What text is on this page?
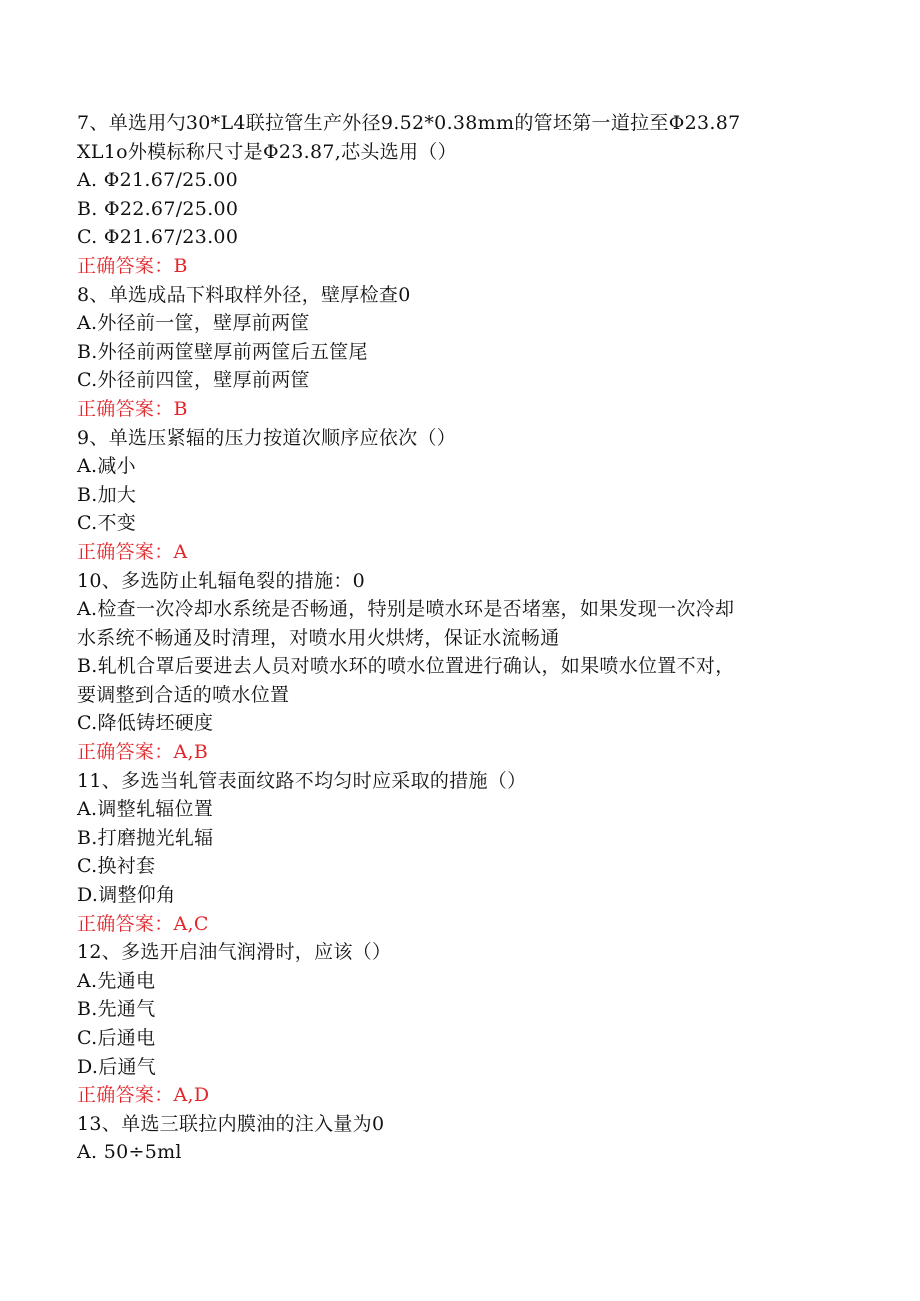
7、单选用勺30*L4联拉管生产外径9.52*0.38mm的管坯第一道拉至Φ23.87
XL1o外模标称尺寸是Φ23.87,芯头选用（）
A. Φ21.67/25.00
B. Φ22.67/25.00
C. Φ21.67/23.00
正确答案：B
8、单选成品下料取样外径，壁厚检查0
A.外径前一筐，壁厚前两筐
B.外径前两筐壁厚前两筐后五筐尾
C.外径前四筐，壁厚前两筐
正确答案：B
9、单选压紧辐的压力按道次顺序应依次（）
A.减小
B.加大
C.不变
正确答案：A
10、多选防止轧辐龟裂的措施：0
A.检查一次冷却水系统是否畅通，特别是喷水环是否堵塞，如果发现一次冷却
水系统不畅通及时清理，对喷水用火烘烤，保证水流畅通
B.轧机合罩后要进去人员对喷水环的喷水位置进行确认，如果喷水位置不对，
要调整到合适的喷水位置
C.降低铸坯硬度
正确答案：A,B
11、多选当轧管表面纹路不均匀时应采取的措施（）
A.调整轧辐位置
B.打磨抛光轧辐
C.换衬套
D.调整仰角
正确答案：A,C
12、多选开启油气润滑时，应该（）
A.先通电
B.先通气
C.后通电
D.后通气
正确答案：A,D
13、单选三联拉内膜油的注入量为0
A. 50÷5ml
